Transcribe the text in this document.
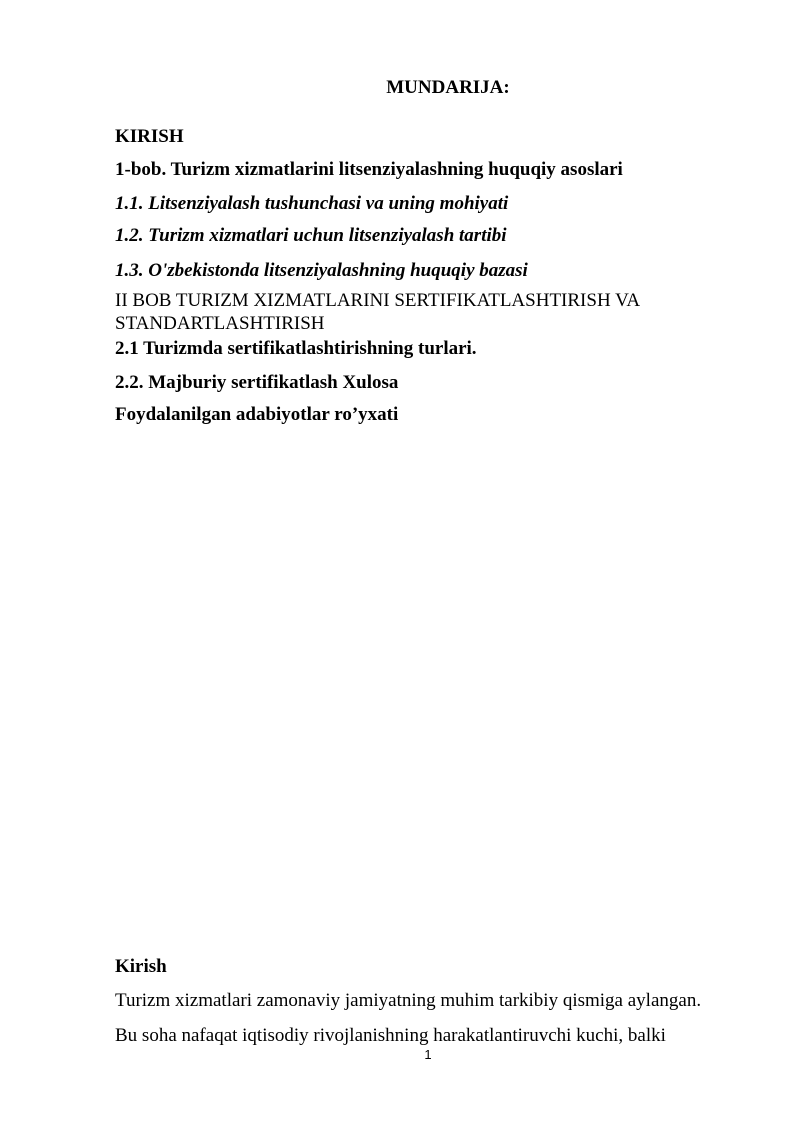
MUNDARIJA:
KIRISH
1-bob. Turizm xizmatlarini litsenziyalashning huquqiy asoslari
1.1. Litsenziyalash tushunchasi va uning mohiyati
1.2. Turizm xizmatlari uchun litsenziyalash tartibi
1.3. O'zbekistonda litsenziyalashning huquqiy bazasi
II BOB TURIZM XIZMATLARINI SERTIFIKATLASHTIRISH VA STANDARTLASHTIRISH
2.1 Turizmda sertifikatlashtirishning turlari.
2.2. Majburiy sertifikatlash Xulosa
Foydalanilgan adabiyotlar ro’yxati
Kirish
Turizm xizmatlari zamonaviy jamiyatning muhim tarkibiy qismiga aylangan.
Bu soha nafaqat iqtisodiy rivojlanishning harakatlantiruvchi kuchi, balki
1
